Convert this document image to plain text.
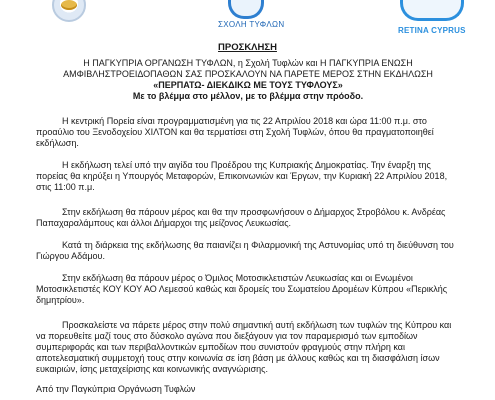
ΣΧΟΛΗ ΤΥΦΛΩΝ
RETINA CYPRUS
ΠΡΟΣΚΛΗΣΗ
Η ΠΑΓΚΥΠΡΙΑ ΟΡΓΑΝΩΣΗ ΤΥΦΛΩΝ, η Σχολή Τυφλών και Η ΠΑΓΚΥΠΡΙΑ ΕΝΩΣΗ
ΑΜΦΙΒΛΗΣΤΡΟΕΙΔΟΠΑΘΩΝ ΣΑΣ ΠΡΟΣΚΑΛΟΥΝ ΝΑ ΠΑΡΕΤΕ ΜΕΡΟΣ ΣΤΗΝ ΕΚΔΗΛΩΣΗ
«ΠΕΡΠΑΤΩ- ΔΙΕΚΔΙΚΩ ΜΕ ΤΟΥΣ ΤΥΦΛΟΥΣ»
Με το βλέμμα στο μέλλον, με το βλέμμα στην πρόοδο.
Η κεντρική Πορεία είναι προγραμματισμένη για τις 22 Απριλίου 2018 και ώρα 11:00 π.μ. στο προαύλιο του Ξενοδοχείου ΧΙΛΤΟΝ και θα τερματίσει στη Σχολή Τυφλών, όπου θα πραγματοποιηθεί εκδήλωση.
Η εκδήλωση τελεί υπό την αιγίδα του Προέδρου της Κυπριακής Δημοκρατίας. Την έναρξη της πορείας θα κηρύξει η Υπουργός Μεταφορών, Επικοινωνιών και Έργων, την Κυριακή 22 Απριλίου 2018, στις 11:00 π.μ.
Στην εκδήλωση θα πάρουν μέρος και θα την προσφωνήσουν ο Δήμαρχος Στροβόλου κ. Ανδρέας Παπαχαραλάμπους και άλλοι Δήμαρχοι της μείζονος Λευκωσίας.
Κατά τη διάρκεια της εκδήλωσης θα παιανίζει η Φιλαρμονική της Αστυνομίας υπό τη διεύθυνση του Γιώργου Αδάμου.
Στην εκδήλωση θα πάρουν μέρος ο Όμιλος Μοτοσικλετιστών Λευκωσίας και οι Ενωμένοι Μοτοσικλετιστές ΚΟΥ ΚΟΥ ΑΟ Λεμεσού καθώς και δρομείς του Σωματείου Δρομέων Κύπρου «Περικλής δημητρίου».
Προσκαλείστε να πάρετε μέρος στην πολύ σημαντική αυτή εκδήλωση των τυφλών της Κύπρου και να πορευθείτε μαζί τους στο δύσκολο αγώνα που διεξάγουν για τον παραμερισμό των εμποδίων συμπεριφοράς και των περιβαλλοντικών εμποδίων που συνιστούν φραγμούς στην πλήρη και αποτελεσματική συμμετοχή τους στην κοινωνία σε ίση βάση με άλλους καθώς και τη διασφάλιση ίσων ευκαιριών, ίσης μεταχείρισης και κοινωνικής αναγνώρισης.
Από την Παγκύπρια Οργάνωση Τυφλών
